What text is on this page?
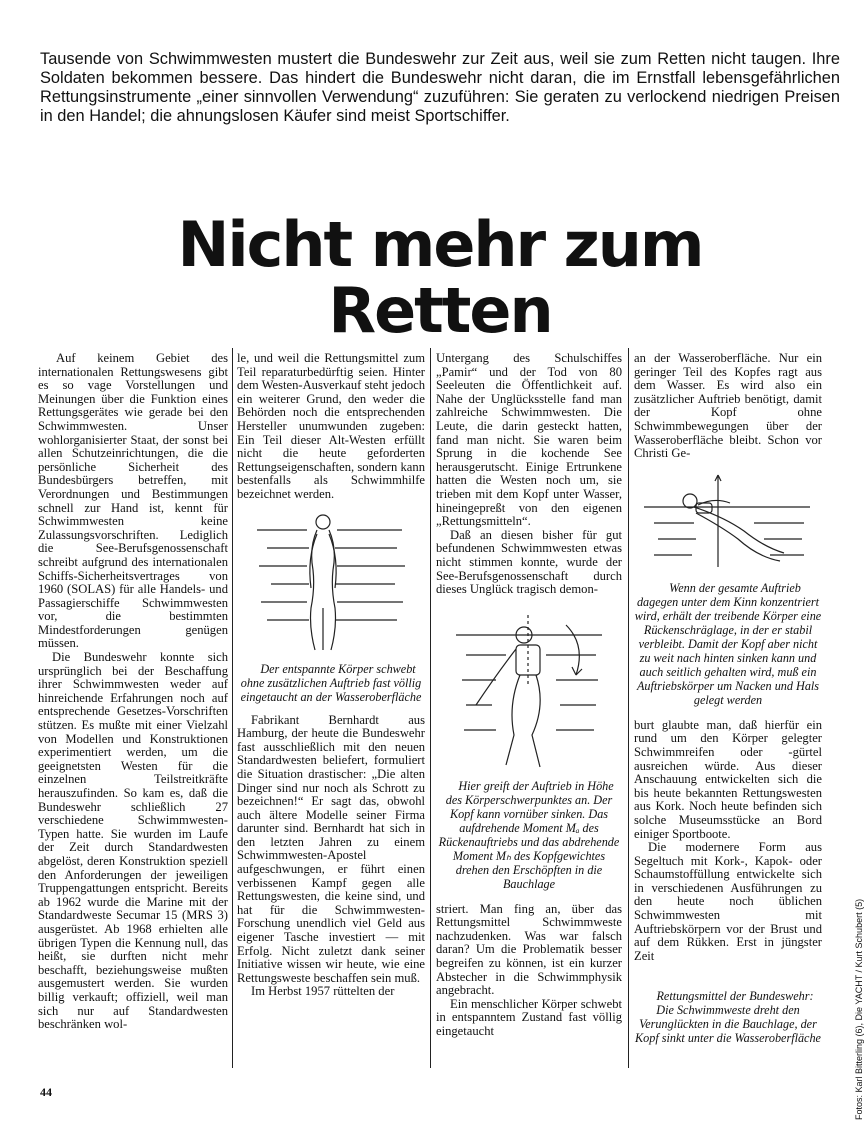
Tausende von Schwimmwesten mustert die Bundeswehr zur Zeit aus, weil sie zum Retten nicht taugen. Ihre Soldaten bekommen bessere. Das hindert die Bundeswehr nicht daran, die im Ernstfall lebensgefährlichen Rettungsinstrumente „einer sinnvollen Verwendung“ zuzuführen: Sie geraten zu verlockend niedrigen Preisen in den Handel; die ahnungslosen Käufer sind meist Sportschiffer.
Nicht mehr zum
Retten

Auf keinem Gebiet des internationalen Rettungswesens gibt es so vage Vorstellungen und Meinungen über die Funktion eines Rettungsgerätes wie gerade bei den Schwimmwesten. Unser wohlorganisierter Staat, der sonst bei allen Schutzeinrichtungen, die die persönliche Sicherheit des Bundesbürgers betreffen, mit Verordnungen und Bestimmungen schnell zur Hand ist, kennt für Schwimmwesten keine Zulassungsvorschriften. Lediglich die See-Berufsgenossenschaft schreibt aufgrund des internationalen Schiffs-Sicherheitsvertrages von 1960 (SOLAS) für alle Handels- und Passagierschiffe Schwimmwesten vor, die bestimmten Mindestforderungen genügen müssen.

Die Bundeswehr konnte sich ursprünglich bei der Beschaffung ihrer Schwimmwesten weder auf hinreichende Erfahrungen noch auf entsprechende Gesetzes-Vorschriften stützen. Es mußte mit einer Vielzahl von Modellen und Konstruktionen experimentiert werden, um die geeignetsten Westen für die einzelnen Teilstreitkräfte herauszufinden. So kam es, daß die Bundeswehr schließlich 27 verschiedene Schwimmwesten-Typen hatte. Sie wurden im Laufe der Zeit durch Standardwesten abgelöst, deren Konstruktion speziell den Anforderungen der jeweiligen Truppengattungen entspricht. Bereits ab 1962 wurde die Marine mit der Standardweste Secumar 15 (MRS 3) ausgerüstet. Ab 1968 erhielten alle übrigen Typen die Kennung null, das heißt, sie durften nicht mehr beschafft, beziehungsweise mußten ausgemustert werden. Sie wurden billig verkauft; offiziell, weil man sich nur auf Standardwesten beschränken wol-

le, und weil die Rettungsmittel zum Teil reparaturbedürftig seien. Hinter dem Westen-Ausverkauf steht jedoch ein weiterer Grund, den weder die Behörden noch die entsprechenden Hersteller unumwunden zugeben: Ein Teil dieser Alt-Westen erfüllt nicht die heute geforderten Rettungseigenschaften, sondern kann bestenfalls als Schwimmhilfe bezeichnet werden.

Der entspannte Körper schwebt ohne zusätzlichen Auftrieb fast völlig eingetaucht an der Wasseroberfläche

Fabrikant Bernhardt aus Hamburg, der heute die Bundeswehr fast ausschließlich mit den neuen Standardwesten beliefert, formuliert die Situation drastischer: „Die alten Dinger sind nur noch als Schrott zu bezeichnen!“ Er sagt das, obwohl auch ältere Modelle seiner Firma darunter sind. Bernhardt hat sich in den letzten Jahren zu einem Schwimmwesten-Apostel aufgeschwungen, er führt einen verbissenen Kampf gegen alle Rettungswesten, die keine sind, und hat für die Schwimmwesten-Forschung unendlich viel Geld aus eigener Tasche investiert — mit Erfolg. Nicht zuletzt dank seiner Initiative wissen wir heute, wie eine Rettungsweste beschaffen sein muß.

Im Herbst 1957 rüttelten der

Untergang des Schulschiffes „Pamir“ und der Tod von 80 Seeleuten die Öffentlichkeit auf. Nahe der Unglücksstelle fand man zahlreiche Schwimmwesten. Die Leute, die darin gesteckt hatten, fand man nicht. Sie waren beim Sprung in die kochende See herausgerutscht. Einige Ertrunkene hatten die Westen noch um, sie trieben mit dem Kopf unter Wasser, hineingepreßt von den eigenen „Rettungsmitteln“.

Daß an diesen bisher für gut befundenen Schwimmwesten etwas nicht stimmen konnte, wurde der See-Berufsgenossenschaft durch dieses Unglück tragisch demon-

Hier greift der Auftrieb in Höhe des Körperschwerpunktes an. Der Kopf kann vornüber sinken. Das aufdrehende Moment Mₐ des Rückenauftriebs und das abdrehende Moment Mₕ des Kopfgewichtes drehen den Erschöpften in die Bauchlage

striert. Man fing an, über das Rettungsmittel Schwimmweste nachzudenken. Was war falsch daran? Um die Problematik besser begreifen zu können, ist ein kurzer Abstecher in die Schwimmphysik angebracht.

Ein menschlicher Körper schwebt in entspanntem Zustand fast völlig eingetaucht

an der Wasseroberfläche. Nur ein geringer Teil des Kopfes ragt aus dem Wasser. Es wird also ein zusätzlicher Auftrieb benötigt, damit der Kopf ohne Schwimmbewegungen über der Wasseroberfläche bleibt. Schon vor Christi Ge-

Wenn der gesamte Auftrieb dagegen unter dem Kinn konzentriert wird, erhält der treibende Körper eine Rückenschräglage, in der er stabil verbleibt. Damit der Kopf aber nicht zu weit nach hinten sinken kann und auch seitlich gehalten wird, muß ein Auftriebskörper um Nacken und Hals gelegt werden

burt glaubte man, daß hierfür ein rund um den Körper gelegter Schwimmreifen oder -gürtel ausreichen würde. Aus dieser Anschauung entwickelten sich die bis heute bekannten Rettungswesten aus Kork. Noch heute befinden sich solche Museumsstücke an Bord einiger Sportboote.

Die modernere Form aus Segeltuch mit Kork-, Kapok- oder Schaumstoffüllung entwickelte sich in verschiedenen Ausführungen zu den heute noch üblichen Schwimmwesten mit Auftriebskörpern vor der Brust und auf dem Rükken. Erst in jüngster Zeit

Rettungsmittel der Bundeswehr: Die Schwimmweste dreht den Verunglückten in die Bauchlage, der Kopf sinkt unter die Wasseroberfläche

44	Fotos: Karl Bitterling (6), Die YACHT / Kurt Schubert (5)
